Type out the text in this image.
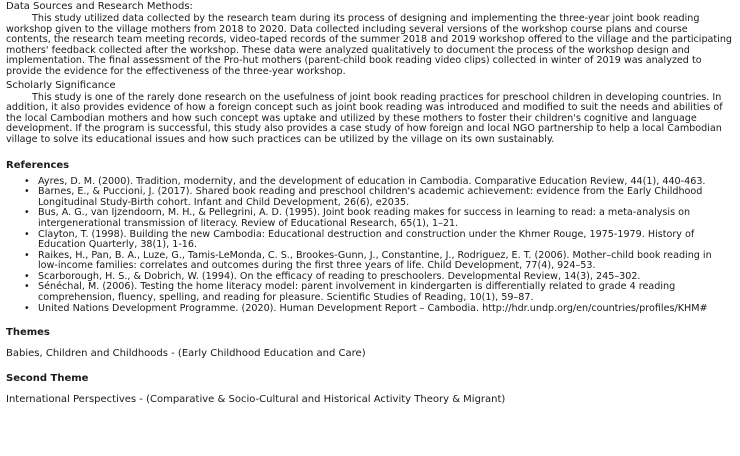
Data Sources and Research Methods:

This study utilized data collected by the research team during its process of designing and implementing the three-year joint book reading workshop given to the village mothers from 2018 to 2020. Data collected including several versions of the workshop course plans and course contents, the research team meeting records, video-taped records of the summer 2018 and 2019 workshop offered to the village and the participating mothers' feedback collected after the workshop. These data were analyzed qualitatively to document the process of the workshop design and implementation. The final assessment of the Pro-hut mothers (parent-child book reading video clips) collected in winter of 2019 was analyzed to provide the evidence for the effectiveness of the three-year workshop.

Scholarly Significance

This study is one of the rarely done research on the usefulness of joint book reading practices for preschool children in developing countries. In addition, it also provides evidence of how a foreign concept such as joint book reading was introduced and modified to suit the needs and abilities of the local Cambodian mothers and how such concept was uptake and utilized by these mothers to foster their children's cognitive and language development. If the program is successful, this study also provides a case study of how foreign and local NGO partnership to help a local Cambodian village to solve its educational issues and how such practices can be utilized by the village on its own sustainably.

References
• Ayres, D. M. (2000). Tradition, modernity, and the development of education in Cambodia. Comparative Education Review, 44(1), 440-463.
• Barnes, E., & Puccioni, J. (2017). Shared book reading and preschool children's academic achievement: evidence from the Early Childhood Longitudinal Study-Birth cohort. Infant and Child Development, 26(6), e2035.
• Bus, A. G., van Ijzendoorn, M. H., & Pellegrini, A. D. (1995). Joint book reading makes for success in learning to read: a meta-analysis on intergenerational transmission of literacy. Review of Educational Research, 65(1), 1–21.
• Clayton, T. (1998). Building the new Cambodia: Educational destruction and construction under the Khmer Rouge, 1975-1979. History of Education Quarterly, 38(1), 1-16.
• Raikes, H., Pan, B. A., Luze, G., Tamis-LeMonda, C. S., Brookes-Gunn, J., Constantine, J., Rodriguez, E. T. (2006). Mother–child book reading in low-income families: correlates and outcomes during the first three years of life. Child Development, 77(4), 924–53.
• Scarborough, H. S., & Dobrich, W. (1994). On the efficacy of reading to preschoolers. Developmental Review, 14(3), 245–302.
• Sénéchal, M. (2006). Testing the home literacy model: parent involvement in kindergarten is differentially related to grade 4 reading comprehension, fluency, spelling, and reading for pleasure. Scientific Studies of Reading, 10(1), 59–87.
• United Nations Development Programme. (2020). Human Development Report – Cambodia. http://hdr.undp.org/en/countries/profiles/KHM#
Themes
Babies, Children and Childhoods - (Early Childhood Education and Care)
Second Theme
International Perspectives - (Comparative & Socio-Cultural and Historical Activity Theory & Migrant)
